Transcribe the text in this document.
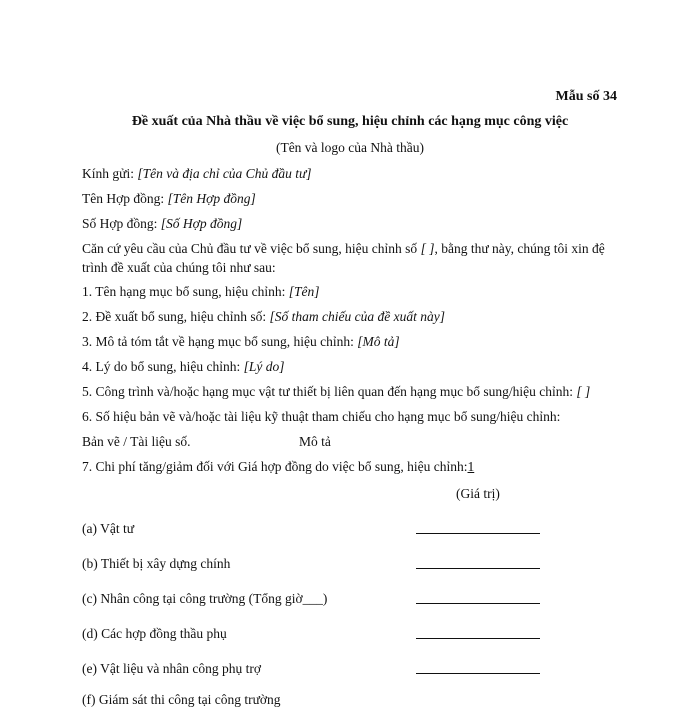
Mẫu số 34
Đề xuất của Nhà thầu về việc bổ sung, hiệu chỉnh các hạng mục công việc
(Tên và logo của Nhà thầu)
Kính gửi: [Tên và địa chỉ của Chủ đầu tư]
Tên Hợp đồng: [Tên Hợp đồng]
Số Hợp đồng: [Số Hợp đồng]
Căn cứ yêu cầu của Chủ đầu tư về việc bổ sung, hiệu chỉnh số [ ], bằng thư này, chúng tôi xin đệ trình đề xuất của chúng tôi như sau:
1. Tên hạng mục bổ sung, hiệu chỉnh: [Tên]
2. Đề xuất bổ sung, hiệu chỉnh số: [Số tham chiếu của đề xuất này]
3. Mô tả tóm tắt về hạng mục bổ sung, hiệu chỉnh: [Mô tả]
4. Lý do bổ sung, hiệu chỉnh: [Lý do]
5. Công trình và/hoặc hạng mục vật tư thiết bị liên quan đến hạng mục bổ sung/hiệu chỉnh: [ ]
6. Số hiệu bản vẽ và/hoặc tài liệu kỹ thuật tham chiếu cho hạng mục bổ sung/hiệu chỉnh:
Bản vẽ / Tài liệu số.	Mô tả
7. Chi phí tăng/giảm đối với Giá hợp đồng do việc bổ sung, hiệu chỉnh:1
(Giá trị)
(a) Vật tư
(b) Thiết bị xây dựng chính
(c) Nhân công tại công trường (Tổng giờ___)
(d) Các hợp đồng thầu phụ
(e) Vật liệu và nhân công phụ trợ
(f) Giám sát thi công tại công trường
